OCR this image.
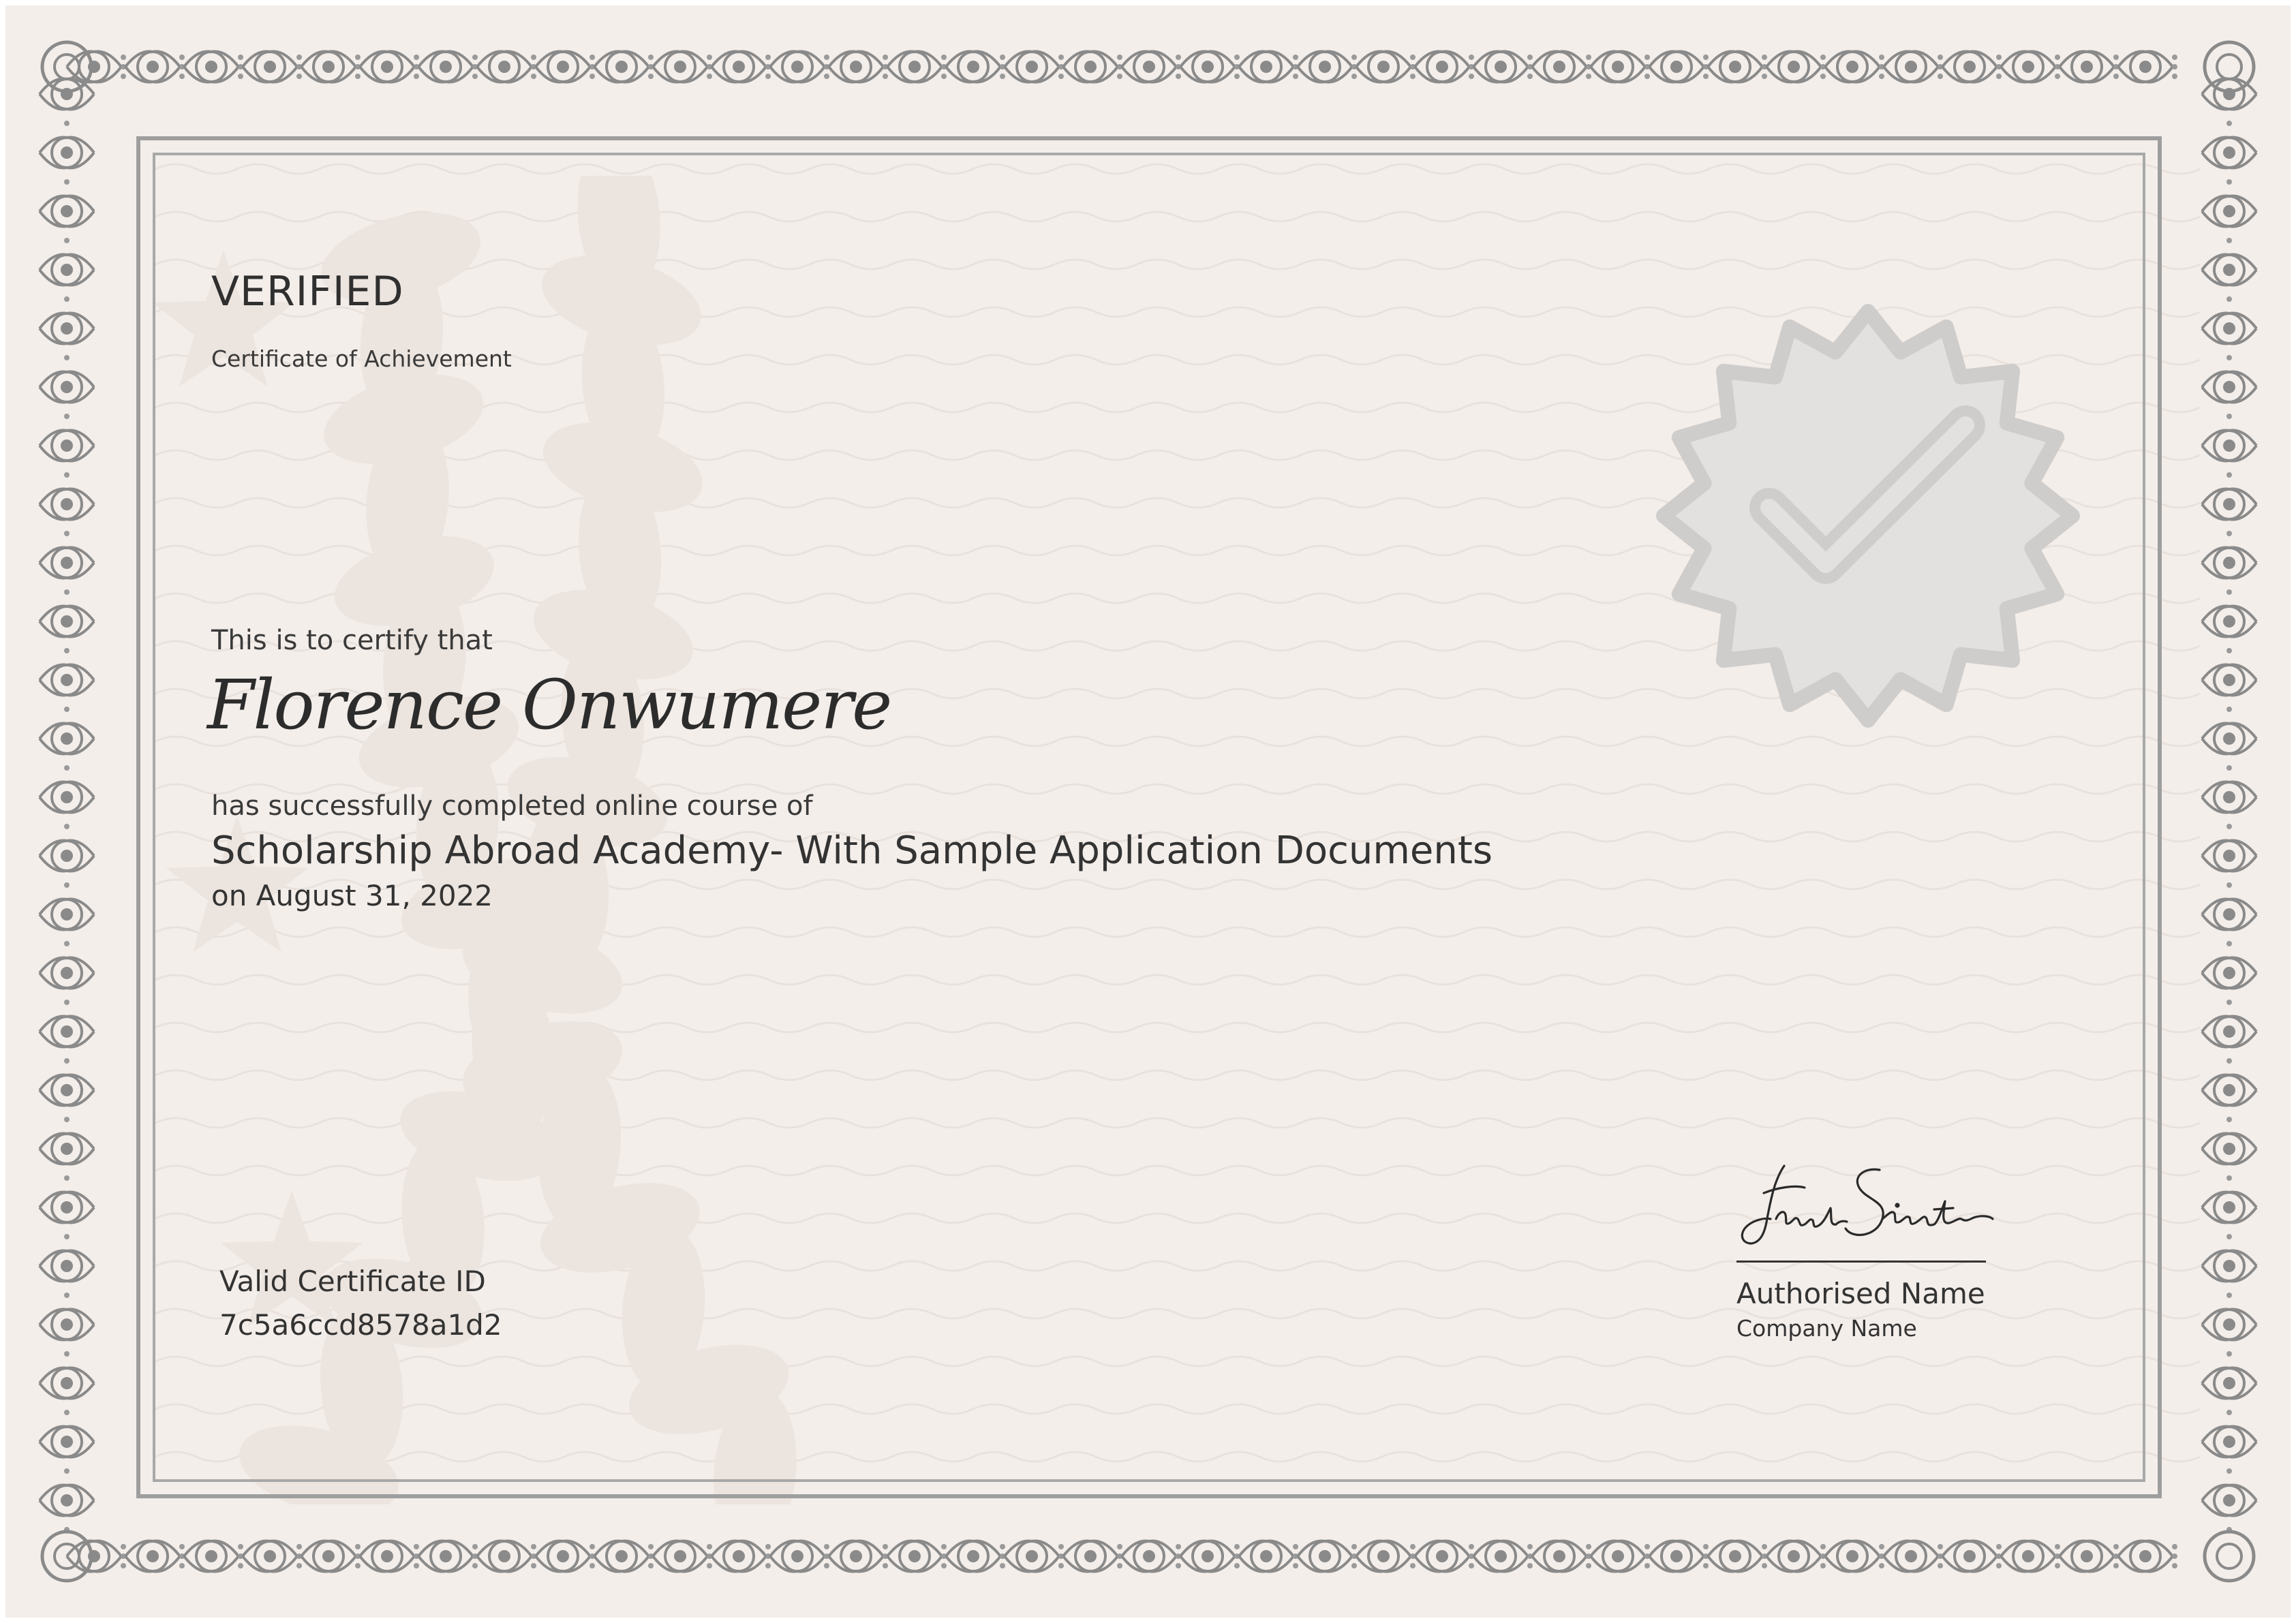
VERIFIED

Certificate of Achievement

This is to certify that

Florence Onwumere

has successfully completed online course of

Scholarship Abroad Academy- With Sample Application Documents

on August 31, 2022

Valid Certificate ID

7c5a6ccd8578a1d2

Authorised Name

Company Name
